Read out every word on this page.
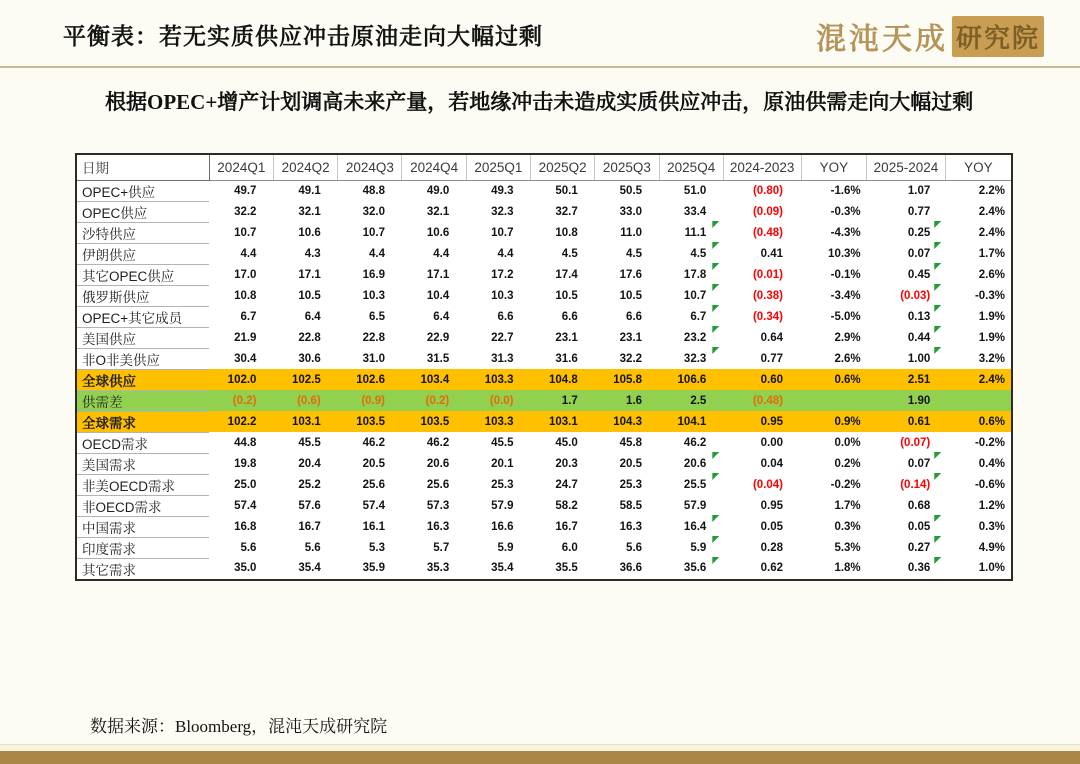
平衡表：若无实质供应冲击原油走向大幅过剩	混沌天成 研究院

根据OPEC+增产计划调高未来产量，若地缘冲击未造成实质供应冲击，原油供需走向大幅过剩

日期	2024Q1	2024Q2	2024Q3	2024Q4	2025Q1	2025Q2	2025Q3	2025Q4	2024-2023	YOY	2025-2024	YOY
OPEC+供应	49.7	49.1	48.8	49.0	49.3	50.1	50.5	51.0	(0.80)	-1.6%	1.07	2.2%
OPEC供应	32.2	32.1	32.0	32.1	32.3	32.7	33.0	33.4	(0.09)	-0.3%	0.77	2.4%
沙特供应	10.7	10.6	10.7	10.6	10.7	10.8	11.0	11.1	(0.48)	-4.3%	0.25	2.4%
伊朗供应	4.4	4.3	4.4	4.4	4.4	4.5	4.5	4.5	0.41	10.3%	0.07	1.7%
其它OPEC供应	17.0	17.1	16.9	17.1	17.2	17.4	17.6	17.8	(0.01)	-0.1%	0.45	2.6%
俄罗斯供应	10.8	10.5	10.3	10.4	10.3	10.5	10.5	10.7	(0.38)	-3.4%	(0.03)	-0.3%
OPEC+其它成员	6.7	6.4	6.5	6.4	6.6	6.6	6.6	6.7	(0.34)	-5.0%	0.13	1.9%
美国供应	21.9	22.8	22.8	22.9	22.7	23.1	23.1	23.2	0.64	2.9%	0.44	1.9%
非O非美供应	30.4	30.6	31.0	31.5	31.3	31.6	32.2	32.3	0.77	2.6%	1.00	3.2%
全球供应	102.0	102.5	102.6	103.4	103.3	104.8	105.8	106.6	0.60	0.6%	2.51	2.4%
供需差	(0.2)	(0.6)	(0.9)	(0.2)	(0.0)	1.7	1.6	2.5	(0.48)		1.90	
全球需求	102.2	103.1	103.5	103.5	103.3	103.1	104.3	104.1	0.95	0.9%	0.61	0.6%
OECD需求	44.8	45.5	46.2	46.2	45.5	45.0	45.8	46.2	0.00	0.0%	(0.07)	-0.2%
美国需求	19.8	20.4	20.5	20.6	20.1	20.3	20.5	20.6	0.04	0.2%	0.07	0.4%
非美OECD需求	25.0	25.2	25.6	25.6	25.3	24.7	25.3	25.5	(0.04)	-0.2%	(0.14)	-0.6%
非OECD需求	57.4	57.6	57.4	57.3	57.9	58.2	58.5	57.9	0.95	1.7%	0.68	1.2%
中国需求	16.8	16.7	16.1	16.3	16.6	16.7	16.3	16.4	0.05	0.3%	0.05	0.3%
印度需求	5.6	5.6	5.3	5.7	5.9	6.0	5.6	5.9	0.28	5.3%	0.27	4.9%
其它需求	35.0	35.4	35.9	35.3	35.4	35.5	36.6	35.6	0.62	1.8%	0.36	1.0%

数据来源：Bloomberg，混沌天成研究院
